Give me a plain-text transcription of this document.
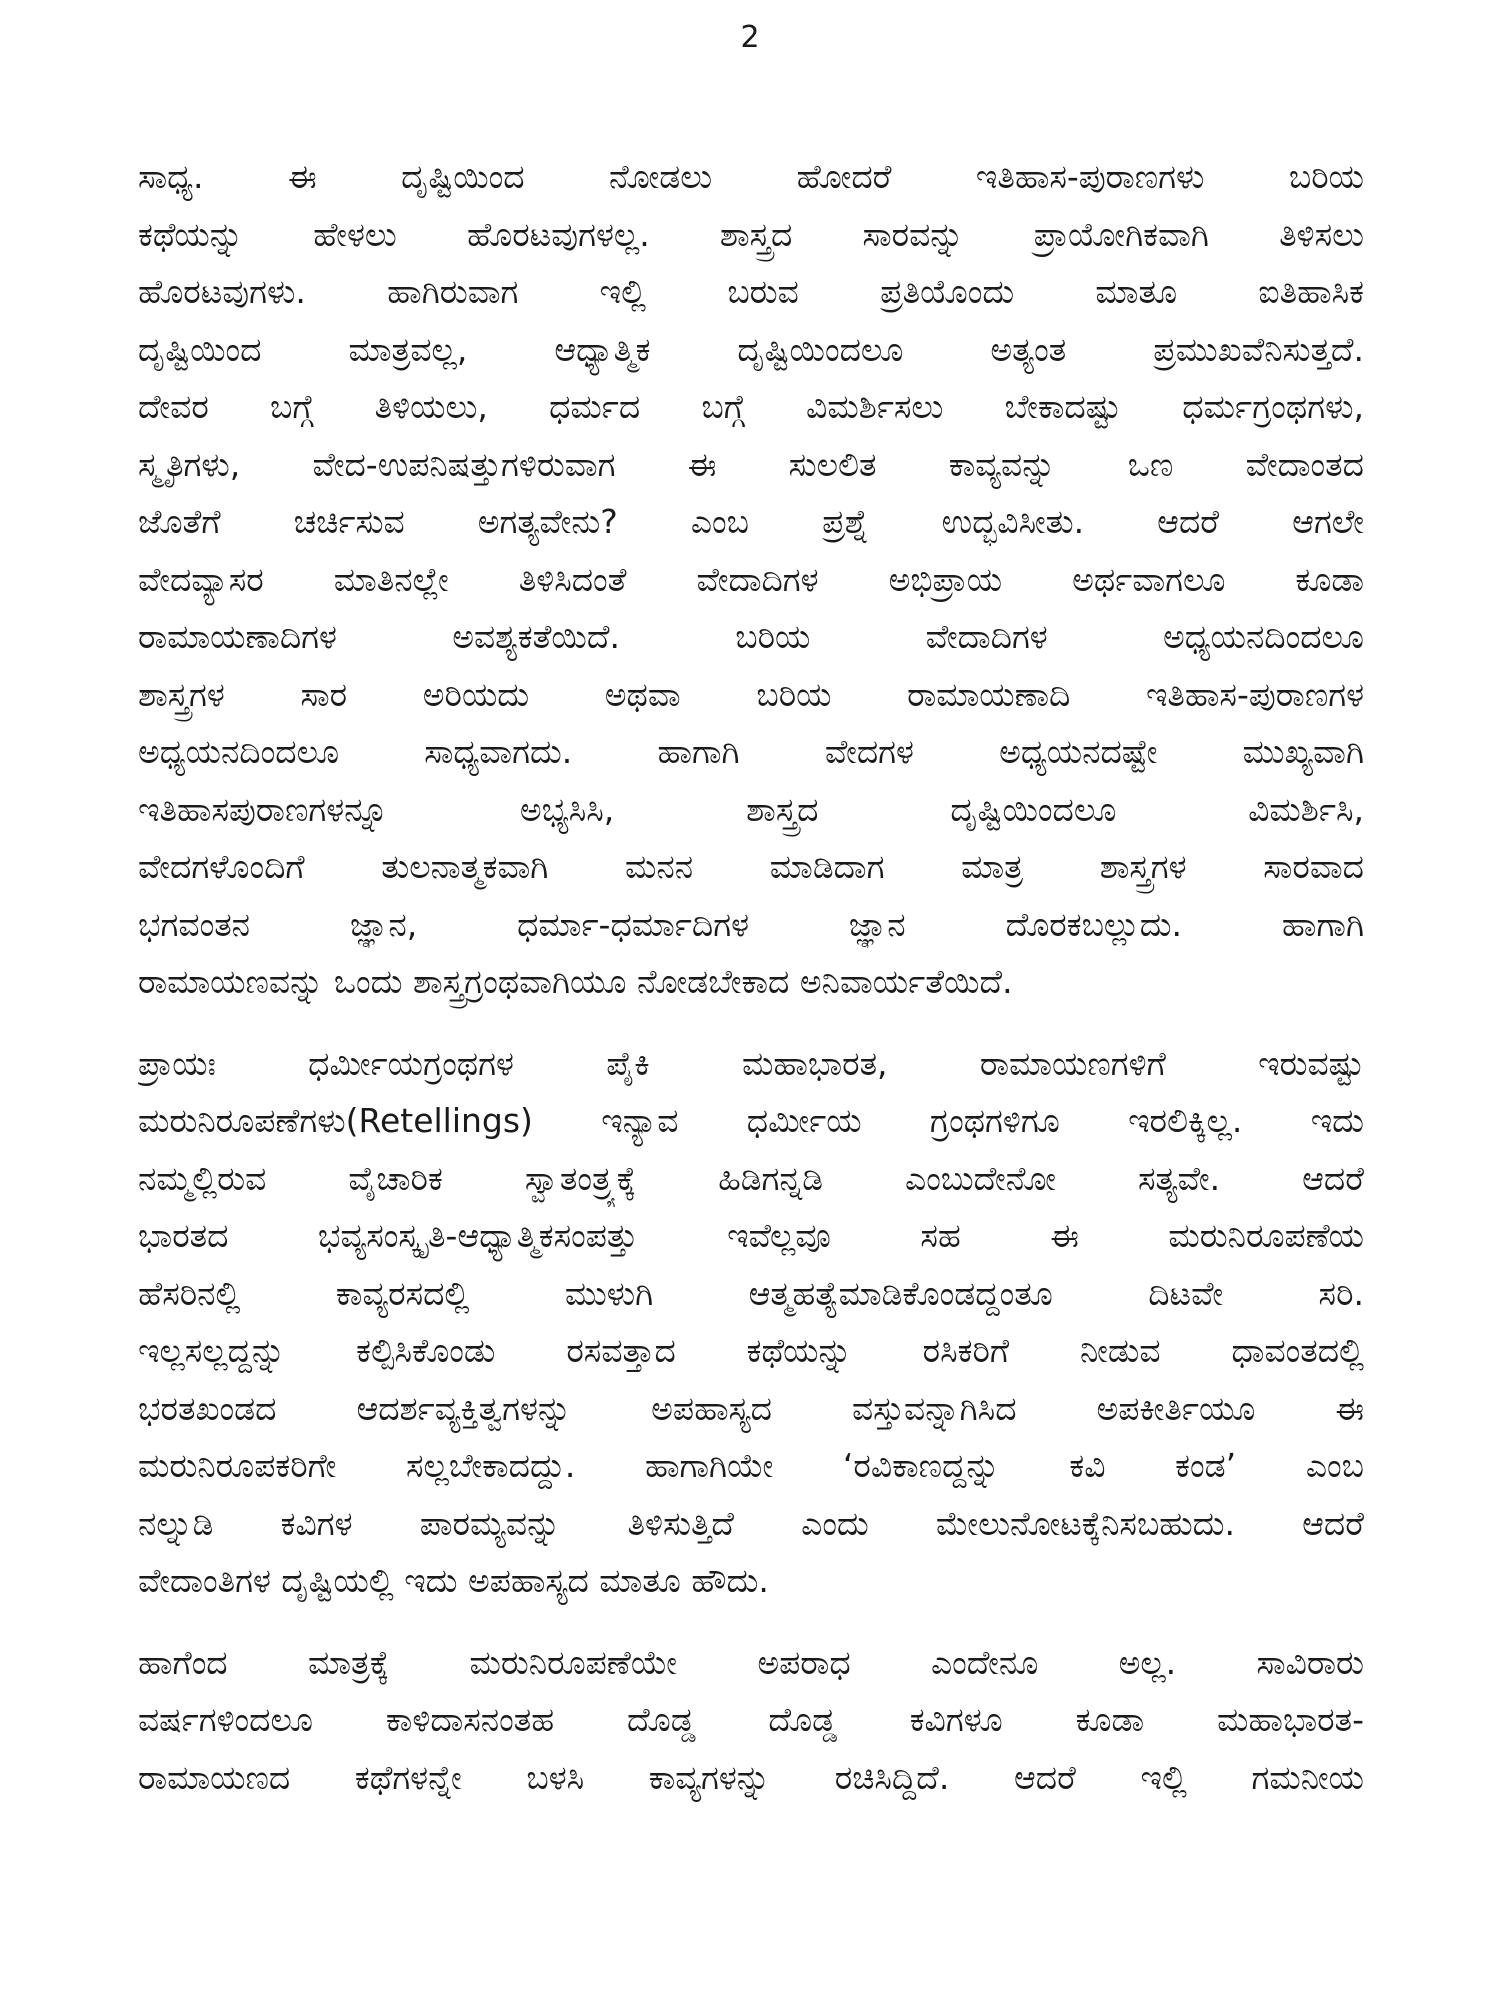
2
ಸಾಧ್ಯ. ಈ ದೃಷ್ಟಿಯಿಂದ ನೋಡಲು ಹೋದರೆ ಇತಿಹಾಸ-ಪುರಾಣಗಳು ಬರಿಯ
ಕಥೆಯನ್ನು ಹೇಳಲು ಹೊರಟವುಗಳಲ್ಲ. ಶಾಸ್ತ್ರದ ಸಾರವನ್ನು ಪ್ರಾಯೋಗಿಕವಾಗಿ ತಿಳಿಸಲು
ಹೊರಟವುಗಳು. ಹಾಗಿರುವಾಗ ಇಲ್ಲಿ ಬರುವ ಪ್ರತಿಯೊಂದು ಮಾತೂ ಐತಿಹಾಸಿಕ
ದೃಷ್ಟಿಯಿಂದ ಮಾತ್ರವಲ್ಲ, ಆಧ್ಯಾತ್ಮಿಕ ದೃಷ್ಟಿಯಿಂದಲೂ ಅತ್ಯಂತ ಪ್ರಮುಖವೆನಿಸುತ್ತದೆ.
ದೇವರ ಬಗ್ಗೆ ತಿಳಿಯಲು, ಧರ್ಮದ ಬಗ್ಗೆ ವಿಮರ್ಶಿಸಲು ಬೇಕಾದಷ್ಟು ಧರ್ಮಗ್ರಂಥಗಳು,
ಸ್ಮೃತಿಗಳು, ವೇದ-ಉಪನಿಷತ್ತುಗಳಿರುವಾಗ ಈ ಸುಲಲಿತ ಕಾವ್ಯವನ್ನು ಒಣ ವೇದಾಂತದ
ಜೊತೆಗೆ ಚರ್ಚಿಸುವ ಅಗತ್ಯವೇನು? ಎಂಬ ಪ್ರಶ್ನೆ ಉದ್ಭವಿಸೀತು. ಆದರೆ ಆಗಲೇ
ವೇದವ್ಯಾಸರ ಮಾತಿನಲ್ಲೇ ತಿಳಿಸಿದಂತೆ ವೇದಾದಿಗಳ ಅಭಿಪ್ರಾಯ ಅರ್ಥವಾಗಲೂ ಕೂಡಾ
ರಾಮಾಯಣಾದಿಗಳ ಅವಶ್ಯಕತೆಯಿದೆ. ಬರಿಯ ವೇದಾದಿಗಳ ಅಧ್ಯಯನದಿಂದಲೂ
ಶಾಸ್ತ್ರಗಳ ಸಾರ ಅರಿಯದು ಅಥವಾ ಬರಿಯ ರಾಮಾಯಣಾದಿ ಇತಿಹಾಸ-ಪುರಾಣಗಳ
ಅಧ್ಯಯನದಿಂದಲೂ ಸಾಧ್ಯವಾಗದು. ಹಾಗಾಗಿ ವೇದಗಳ ಅಧ್ಯಯನದಷ್ಟೇ ಮುಖ್ಯವಾಗಿ
ಇತಿಹಾಸಪುರಾಣಗಳನ್ನೂ ಅಭ್ಯಸಿಸಿ, ಶಾಸ್ತ್ರದ ದೃಷ್ಟಿಯಿಂದಲೂ ವಿಮರ್ಶಿಸಿ,
ವೇದಗಳೊಂದಿಗೆ ತುಲನಾತ್ಮಕವಾಗಿ ಮನನ ಮಾಡಿದಾಗ ಮಾತ್ರ ಶಾಸ್ತ್ರಗಳ ಸಾರವಾದ
ಭಗವಂತನ ಜ್ಞಾನ, ಧರ್ಮಾ-ಧರ್ಮಾದಿಗಳ ಜ್ಞಾನ ದೊರಕಬಲ್ಲುದು. ಹಾಗಾಗಿ
ರಾಮಾಯಣವನ್ನು ಒಂದು ಶಾಸ್ತ್ರಗ್ರಂಥವಾಗಿಯೂ ನೋಡಬೇಕಾದ ಅನಿವಾರ್ಯತೆಯಿದೆ.
ಪ್ರಾಯಃ ಧರ್ಮೀಯಗ್ರಂಥಗಳ ಪೈಕಿ ಮಹಾಭಾರತ, ರಾಮಾಯಣಗಳಿಗೆ ಇರುವಷ್ಟು
ಮರುನಿರೂಪಣೆಗಳು(Retellings) ಇನ್ಯಾವ ಧರ್ಮೀಯ ಗ್ರಂಥಗಳಿಗೂ ಇರಲಿಕ್ಕಿಲ್ಲ. ಇದು
ನಮ್ಮಲ್ಲಿರುವ ವೈಚಾರಿಕ ಸ್ವಾತಂತ್ರ್ಯಕ್ಕೆ ಹಿಡಿಗನ್ನಡಿ ಎಂಬುದೇನೋ ಸತ್ಯವೇ. ಆದರೆ
ಭಾರತದ ಭವ್ಯಸಂಸ್ಕೃತಿ-ಆಧ್ಯಾತ್ಮಿಕಸಂಪತ್ತು ಇವೆಲ್ಲವೂ ಸಹ ಈ ಮರುನಿರೂಪಣೆಯ
ಹೆಸರಿನಲ್ಲಿ ಕಾವ್ಯರಸದಲ್ಲಿ ಮುಳುಗಿ ಆತ್ಮಹತ್ಯೆಮಾಡಿಕೊಂಡದ್ದಂತೂ ದಿಟವೇ ಸರಿ.
ಇಲ್ಲಸಲ್ಲದ್ದನ್ನು ಕಲ್ಪಿಸಿಕೊಂಡು ರಸವತ್ತಾದ ಕಥೆಯನ್ನು ರಸಿಕರಿಗೆ ನೀಡುವ ಧಾವಂತದಲ್ಲಿ
ಭರತಖಂಡದ ಆದರ್ಶವ್ಯಕ್ತಿತ್ವಗಳನ್ನು ಅಪಹಾಸ್ಯದ ವಸ್ತುವನ್ನಾಗಿಸಿದ ಅಪಕೀರ್ತಿಯೂ ಈ
ಮರುನಿರೂಪಕರಿಗೇ ಸಲ್ಲಬೇಕಾದದ್ದು. ಹಾಗಾಗಿಯೇ ‘ರವಿಕಾಣದ್ದನ್ನು ಕವಿ ಕಂಡ’ ಎಂಬ
ನಲ್ನುಡಿ ಕವಿಗಳ ಪಾರಮ್ಯವನ್ನು ತಿಳಿಸುತ್ತಿದೆ ಎಂದು ಮೇಲುನೋಟಕ್ಕೆನಿಸಬಹುದು. ಆದರೆ
ವೇದಾಂತಿಗಳ ದೃಷ್ಟಿಯಲ್ಲಿ ಇದು ಅಪಹಾಸ್ಯದ ಮಾತೂ ಹೌದು.
ಹಾಗೆಂದ ಮಾತ್ರಕ್ಕೆ ಮರುನಿರೂಪಣೆಯೇ ಅಪರಾಧ ಎಂದೇನೂ ಅಲ್ಲ. ಸಾವಿರಾರು
ವರ್ಷಗಳಿಂದಲೂ ಕಾಳಿದಾಸನಂತಹ ದೊಡ್ಡ ದೊಡ್ಡ ಕವಿಗಳೂ ಕೂಡಾ ಮಹಾಭಾರತ-
ರಾಮಾಯಣದ ಕಥೆಗಳನ್ನೇ ಬಳಸಿ ಕಾವ್ಯಗಳನ್ನು ರಚಿಸಿದ್ದಿದೆ. ಆದರೆ ಇಲ್ಲಿ ಗಮನೀಯ
